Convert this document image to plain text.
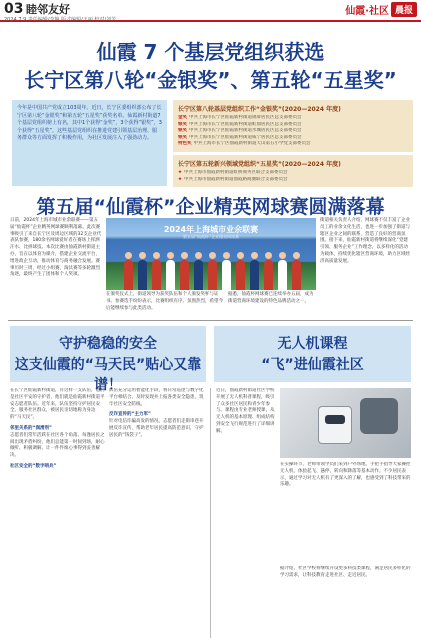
03 睦邻友好
2024.7.9 责任编辑/李静 版式编辑/王丽 校对/刘芳
仙霞·社区 晨报
仙霞 7 个基层党组织获选
长宁区第八轮“金银奖”、第五轮“五星奖”
今年是中国共产党成立103周年。近日，长宁区委组织部公布了长宁区第八轮“金银奖”和第五轮“五星奖”获奖名单。仙霞新村街道7个基层党组织榜上有名，其中1个获得“金奖”，3个获得“银奖”，3个获得“五星奖”。这些基层党组织在推进党建引领基层治理、服务群众等方面发挥了积极作用，为社区发展注入了强劲动力。
长宁区第八轮基层党组织工作“金银奖”(2020—2024 年度)
金奖 中共上海市长宁区仙霞新村街道锦屏居民区总支部委员会
银奖 中共上海市长宁区仙霞新村街道虹仙居民区总支部委员会
银奖 中共上海市长宁区仙霞新村街道水城居民区总支部委员会
银奖 中共上海市长宁区仙霞新村街道威宁居民区总支部委员会
特色奖 中共上海市长宁区仙霞新村街道天山第五小学党支部委员会
长宁区第五轮新兴领域党组织“五星奖”(2020—2024 年度)
★ 中共上海市仙霞新村街道虹桥商务区联合支部委员会
★ 中共上海市仙霞新村街道仙霞路商圈联合支部委员会
第五届“仙霞杯”企业精英网球赛圆满落幕
日前，2024年上海市城市业余联赛——第五届“仙霞杯”企业精英网球赛顺利落幕。此次赛事吸引了来自长宁区及周边区域的32支企业代表队参赛，180余名网球爱好者在赛场上挥洒汗水、比拼球技。本次比赛由仙霞新村街道主办，旨在以体育为媒介，搭建企业交流平台，增进政企互动，推动体育与商务融合发展。赛事历时三周，经过小组赛、淘汰赛等多轮激烈角逐，最终产生了团体和个人奖项。
2024年上海城市业余联赛
第五届“仙霞杯”企业精英网球赛
在颁奖仪式上，街道领导为获奖队伍和个人颁发奖杯与证书。参赛选手纷纷表示，比赛组织有序、氛围热烈，希望今后能继续参与此类活动。
据悉，仙霞杯网球赛已连续举办五届，成为街道营商环境建设的特色品牌活动之一。
街道相关负责人介绍，网球赛不仅丰富了企业员工的业余文化生活，也进一步加强了街道与辖区企业之间的联系，营造了良好的营商氛围。接下来，仙霞新村街道将继续深化“党建引领、服务企业”工作理念，以多样化的活动为载体，持续优化辖区营商环境，助力区域经济高质量发展。
守护稳稳的安全
这支仙霞的“马天民”贴心又靠谱！
无人机课程
“飞”进仙霞社区
在长宁区仙霞新村街道，有这样一支队伍，他们是社区平安的守护者，他们就是仙霞新村街道平安志愿者队伍。近年来，队伍坚持守护居民安全、服务社区群众，被居民亲切地称为身边的“马天民”。
邻里关系的“润滑剂”
志愿者们常年活跃在社区各个角落，每逢居民之间出现矛盾纠纷，他们总能第一时间到场，耐心倾听、积极调解，让一件件烦心事得到妥善解决。
社区安全的“数字哨兵”
队伍充分运用智能化手段，将日常巡逻与数字化平台相结合，及时发现并上报各类安全隐患，筑牢社区安全防线。
反诈宣传的“主力军”
针对电信诈骗高发的情况，志愿者们走街串巷开展反诈宣传，帮助老年居民提高防范意识，守护居民的“钱袋子”。
近日，仙霞新村街道社区学校开展了无人机科普课程，吸引了众多社区居民和青少年参与。课程由专业老师授课，从无人机的基本原理、组成结构到安全飞行规范进行了详细讲解。
在实操环节，老师带领学员们来到户外场地，手把手指导大家操控无人机，体验起飞、悬停、转向和降落等基本动作。不少居民表示，通过学习对无人机有了更深入的了解，也感受到了科技带来的乐趣。
据介绍，社区学校将继续开设更多科技类课程，满足居民多样化的学习需求，让科技教育走进社区、走近居民。
